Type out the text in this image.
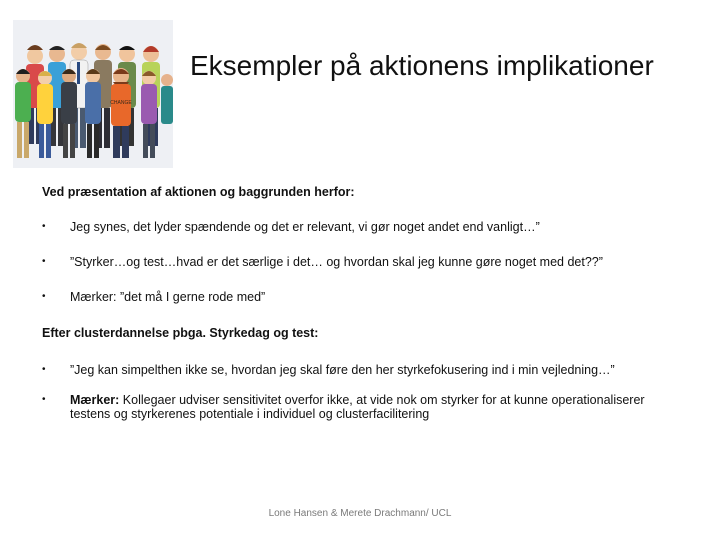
CHANGE
Eksempler på aktionens implikationer
Ved præsentation af aktionen og baggrunden herfor:
• Jeg synes, det lyder spændende og det er relevant, vi gør noget andet end vanligt…”
• ”Styrker…og test…hvad er det særlige i det… og hvordan skal jeg kunne gøre noget med det??”
• Mærker: ”det må I gerne rode med”
Efter clusterdannelse pbga. Styrkedag og test:
• ”Jeg kan simpelthen ikke se, hvordan jeg skal føre den her styrkefokusering ind i min vejledning…”
• Mærker: Kollegaer udviser sensitivitet overfor ikke, at vide nok om styrker for at kunne operationaliserer testens og styrkerenes potentiale i individuel og clusterfacilitering
Lone Hansen & Merete Drachmann/ UCL
